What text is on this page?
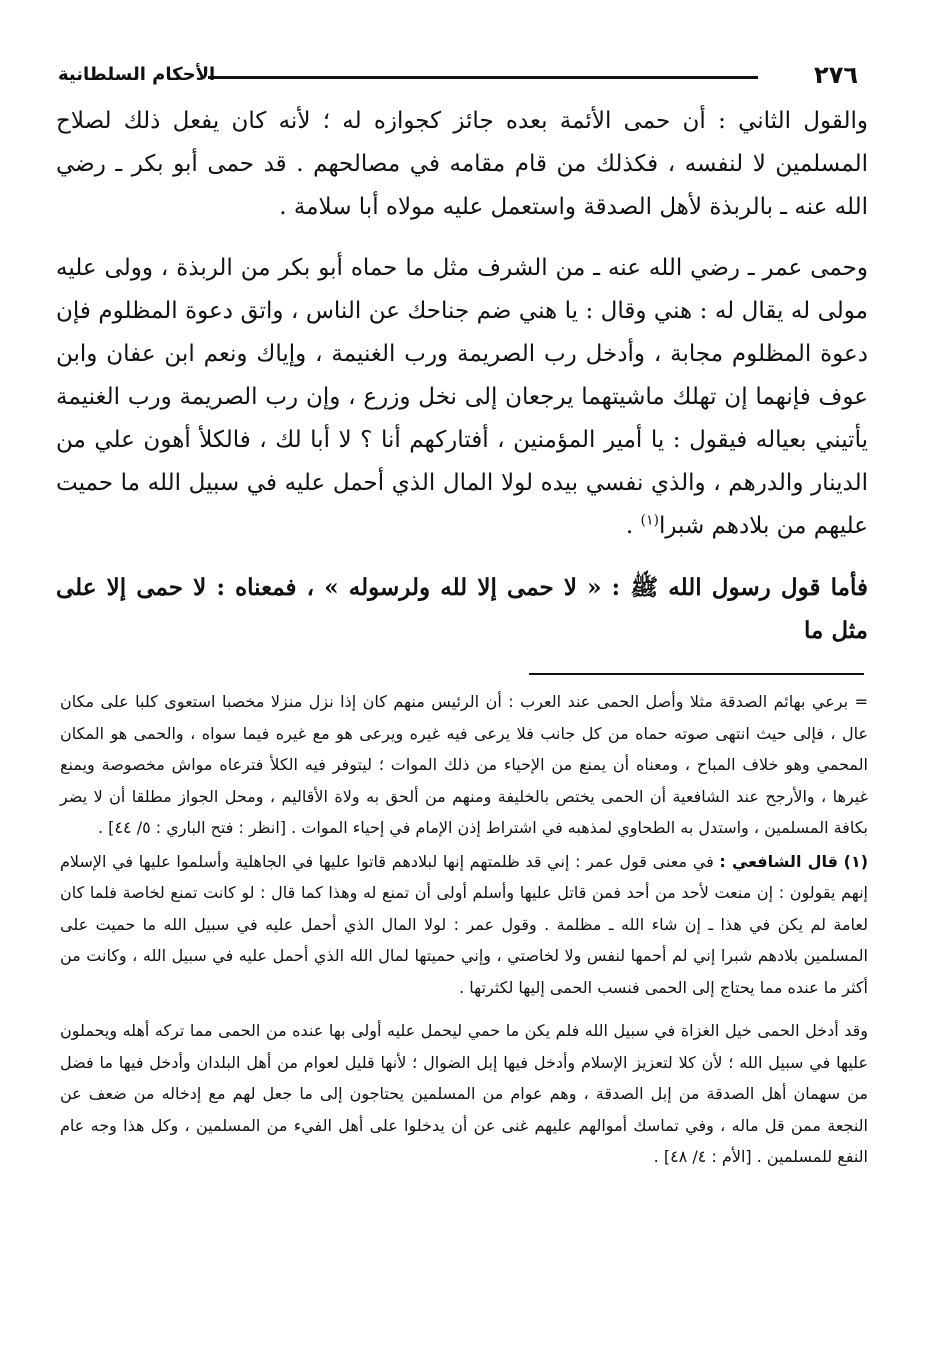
٢٧٦
الأحكام السلطانية

والقول الثاني : أن حمى الأئمة بعده جائز كجوازه له ؛ لأنه كان يفعل ذلك لصلاح المسلمين لا لنفسه ، فكذلك من قام مقامه في مصالحهم . قد حمى أبو بكر ـ رضي الله عنه ـ بالربذة لأهل الصدقة واستعمل عليه مولاه أبا سلامة .

وحمى عمر ـ رضي الله عنه ـ من الشرف مثل ما حماه أبو بكر من الربذة ، وولى عليه مولى له يقال له : هني وقال : يا هني ضم جناحك عن الناس ، واتق دعوة المظلوم فإن دعوة المظلوم مجابة ، وأدخل رب الصريمة ورب الغنيمة ، وإياك ونعم ابن عفان وابن عوف فإنهما إن تهلك ماشيتهما يرجعان إلى نخل وزرع ، وإن رب الصريمة ورب الغنيمة يأتيني بعياله فيقول : يا أمير المؤمنين ، أفتاركهم أنا ؟ لا أبا لك ، فالكلأ أهون علي من الدينار والدرهم ، والذي نفسي بيده لولا المال الذي أحمل عليه في سبيل الله ما حميت عليهم من بلادهم شبرا$^{(١)}$ .

فأما قول رسول الله ﷺ : « لا حمى إلا لله ولرسوله » ، فمعناه : لا حمى إلا على مثل ما

= برعي بهائم الصدقة مثلا وأصل الحمى عند العرب : أن الرئيس منهم كان إذا نزل منزلا مخصبا استعوى كلبا على مكان عال ، فإلى حيث انتهى صوته حماه من كل جانب فلا يرعى فيه غيره ويرعى هو مع غيره فيما سواه ، والحمى هو المكان المحمي وهو خلاف المباح ، ومعناه أن يمنع من الإحياء من ذلك الموات ؛ ليتوفر فيه الكلأ فترعاه مواش مخصوصة ويمنع غيرها ، والأرجح عند الشافعية أن الحمى يختص بالخليفة ومنهم من ألحق به ولاة الأقاليم ، ومحل الجواز مطلقا أن لا يضر بكافة المسلمين ، واستدل به الطحاوي لمذهبه في اشتراط إذن الإمام في إحياء الموات . [انظر : فتح الباري : ٥/ ٤٤] .

(١) قال الشافعي : في معنى قول عمر : إني قد ظلمتهم إنها لبلادهم قاتوا عليها في الجاهلية وأسلموا عليها في الإسلام إنهم يقولون : إن منعت لأحد من أحد فمن قاتل عليها وأسلم أولى أن تمنع له وهذا كما قال : لو كانت تمنع لخاصة فلما كان لعامة لم يكن في هذا ـ إن شاء الله ـ مظلمة . وقول عمر : لولا المال الذي أحمل عليه في سبيل الله ما حميت على المسلمين بلادهم شبرا إني لم أحمها لنفس ولا لخاصتي ، وإني حميتها لمال الله الذي أحمل عليه في سبيل الله ، وكانت من أكثر ما عنده مما يحتاج إلى الحمى فنسب الحمى إليها لكثرتها .

وقد أدخل الحمى خيل الغزاة في سبيل الله فلم يكن ما حمي ليحمل عليه أولى بها عنده من الحمى مما تركه أهله ويحملون عليها في سبيل الله ؛ لأن كلا لتعزيز الإسلام وأدخل فيها إبل الضوال ؛ لأنها قليل لعوام من أهل البلدان وأدخل فيها ما فضل من سهمان أهل الصدقة من إبل الصدقة ، وهم عوام من المسلمين يحتاجون إلى ما جعل لهم مع إدخاله من ضعف عن النجعة ممن قل ماله ، وفي تماسك أموالهم عليهم غنى عن أن يدخلوا على أهل الفيء من المسلمين ، وكل هذا وجه عام النفع للمسلمين . [الأم : ٤/ ٤٨] .
